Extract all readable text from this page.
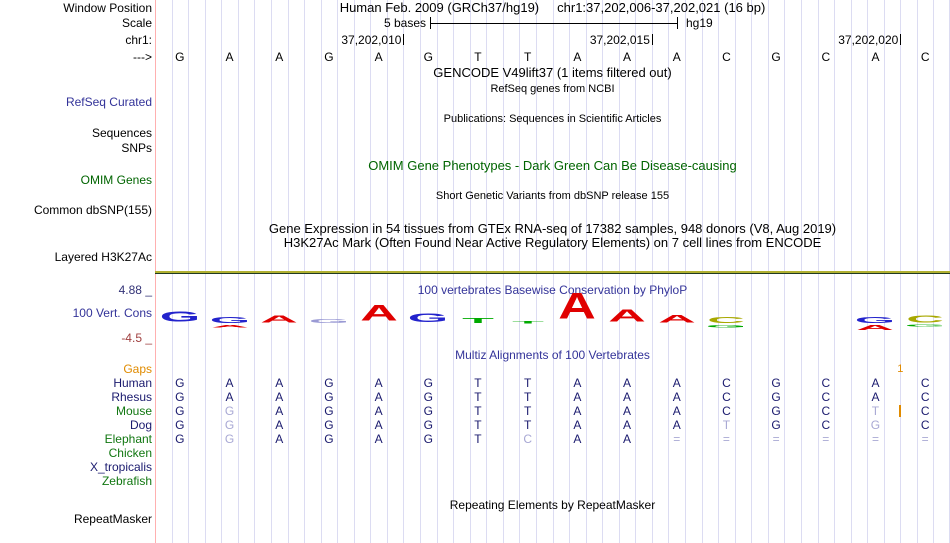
Human Feb. 2009 (GRCh37/hg19) chr1:37,202,006-37,202,021 (16 bp)
Window Position
Scale
chr1:
--->
RefSeq Curated
Sequences
SNPs
OMIM Genes
Common dbSNP(155)
Layered H3K27Ac
4.88 _
100 Vert. Cons
-4.5 _
RepeatMasker
5 bases	hg19
37,202,010	37,202,015	37,202,020
G	A	A	G	A	G	T	T	A	A	A	C	G	C	A	C
GENCODE V49lift37 (1 items filtered out)
RefSeq genes from NCBI
Publications: Sequences in Scientific Articles
OMIM Gene Phenotypes - Dark Green Can Be Disease-causing
Short Genetic Variants from dbSNP release 155
Gene Expression in 54 tissues from GTEx RNA-seq of 17382 samples, 948 donors (V8, Aug 2019)
H3K27Ac Mark (Often Found Near Active Regulatory Elements) on 7 cell lines from ENCODE
100 vertebrates Basewise Conservation by PhyloP
Multiz Alignments of 100 Vertebrates
Repeating Elements by RepeatMasker
G G
A
A G A G T T A A A C
G
G
A
C
G
Gaps
Human	G	A	A	G	A	G	T	T	A	A	A	C	G	C	A	C
Rhesus	G	A	A	G	A	G	T	T	A	A	A	C	G	C	A	C
Mouse	G	G	A	G	A	G	T	T	A	A	A	C	G	C	T	C
Dog	G	G	A	G	A	G	T	T	A	A	A	T	G	C	G	C
Elephant	G	G	A	G	A	G	T	C	A	A	=	=	=	=	=	=
Chicken
X_tropicalis
Zebrafish
1
